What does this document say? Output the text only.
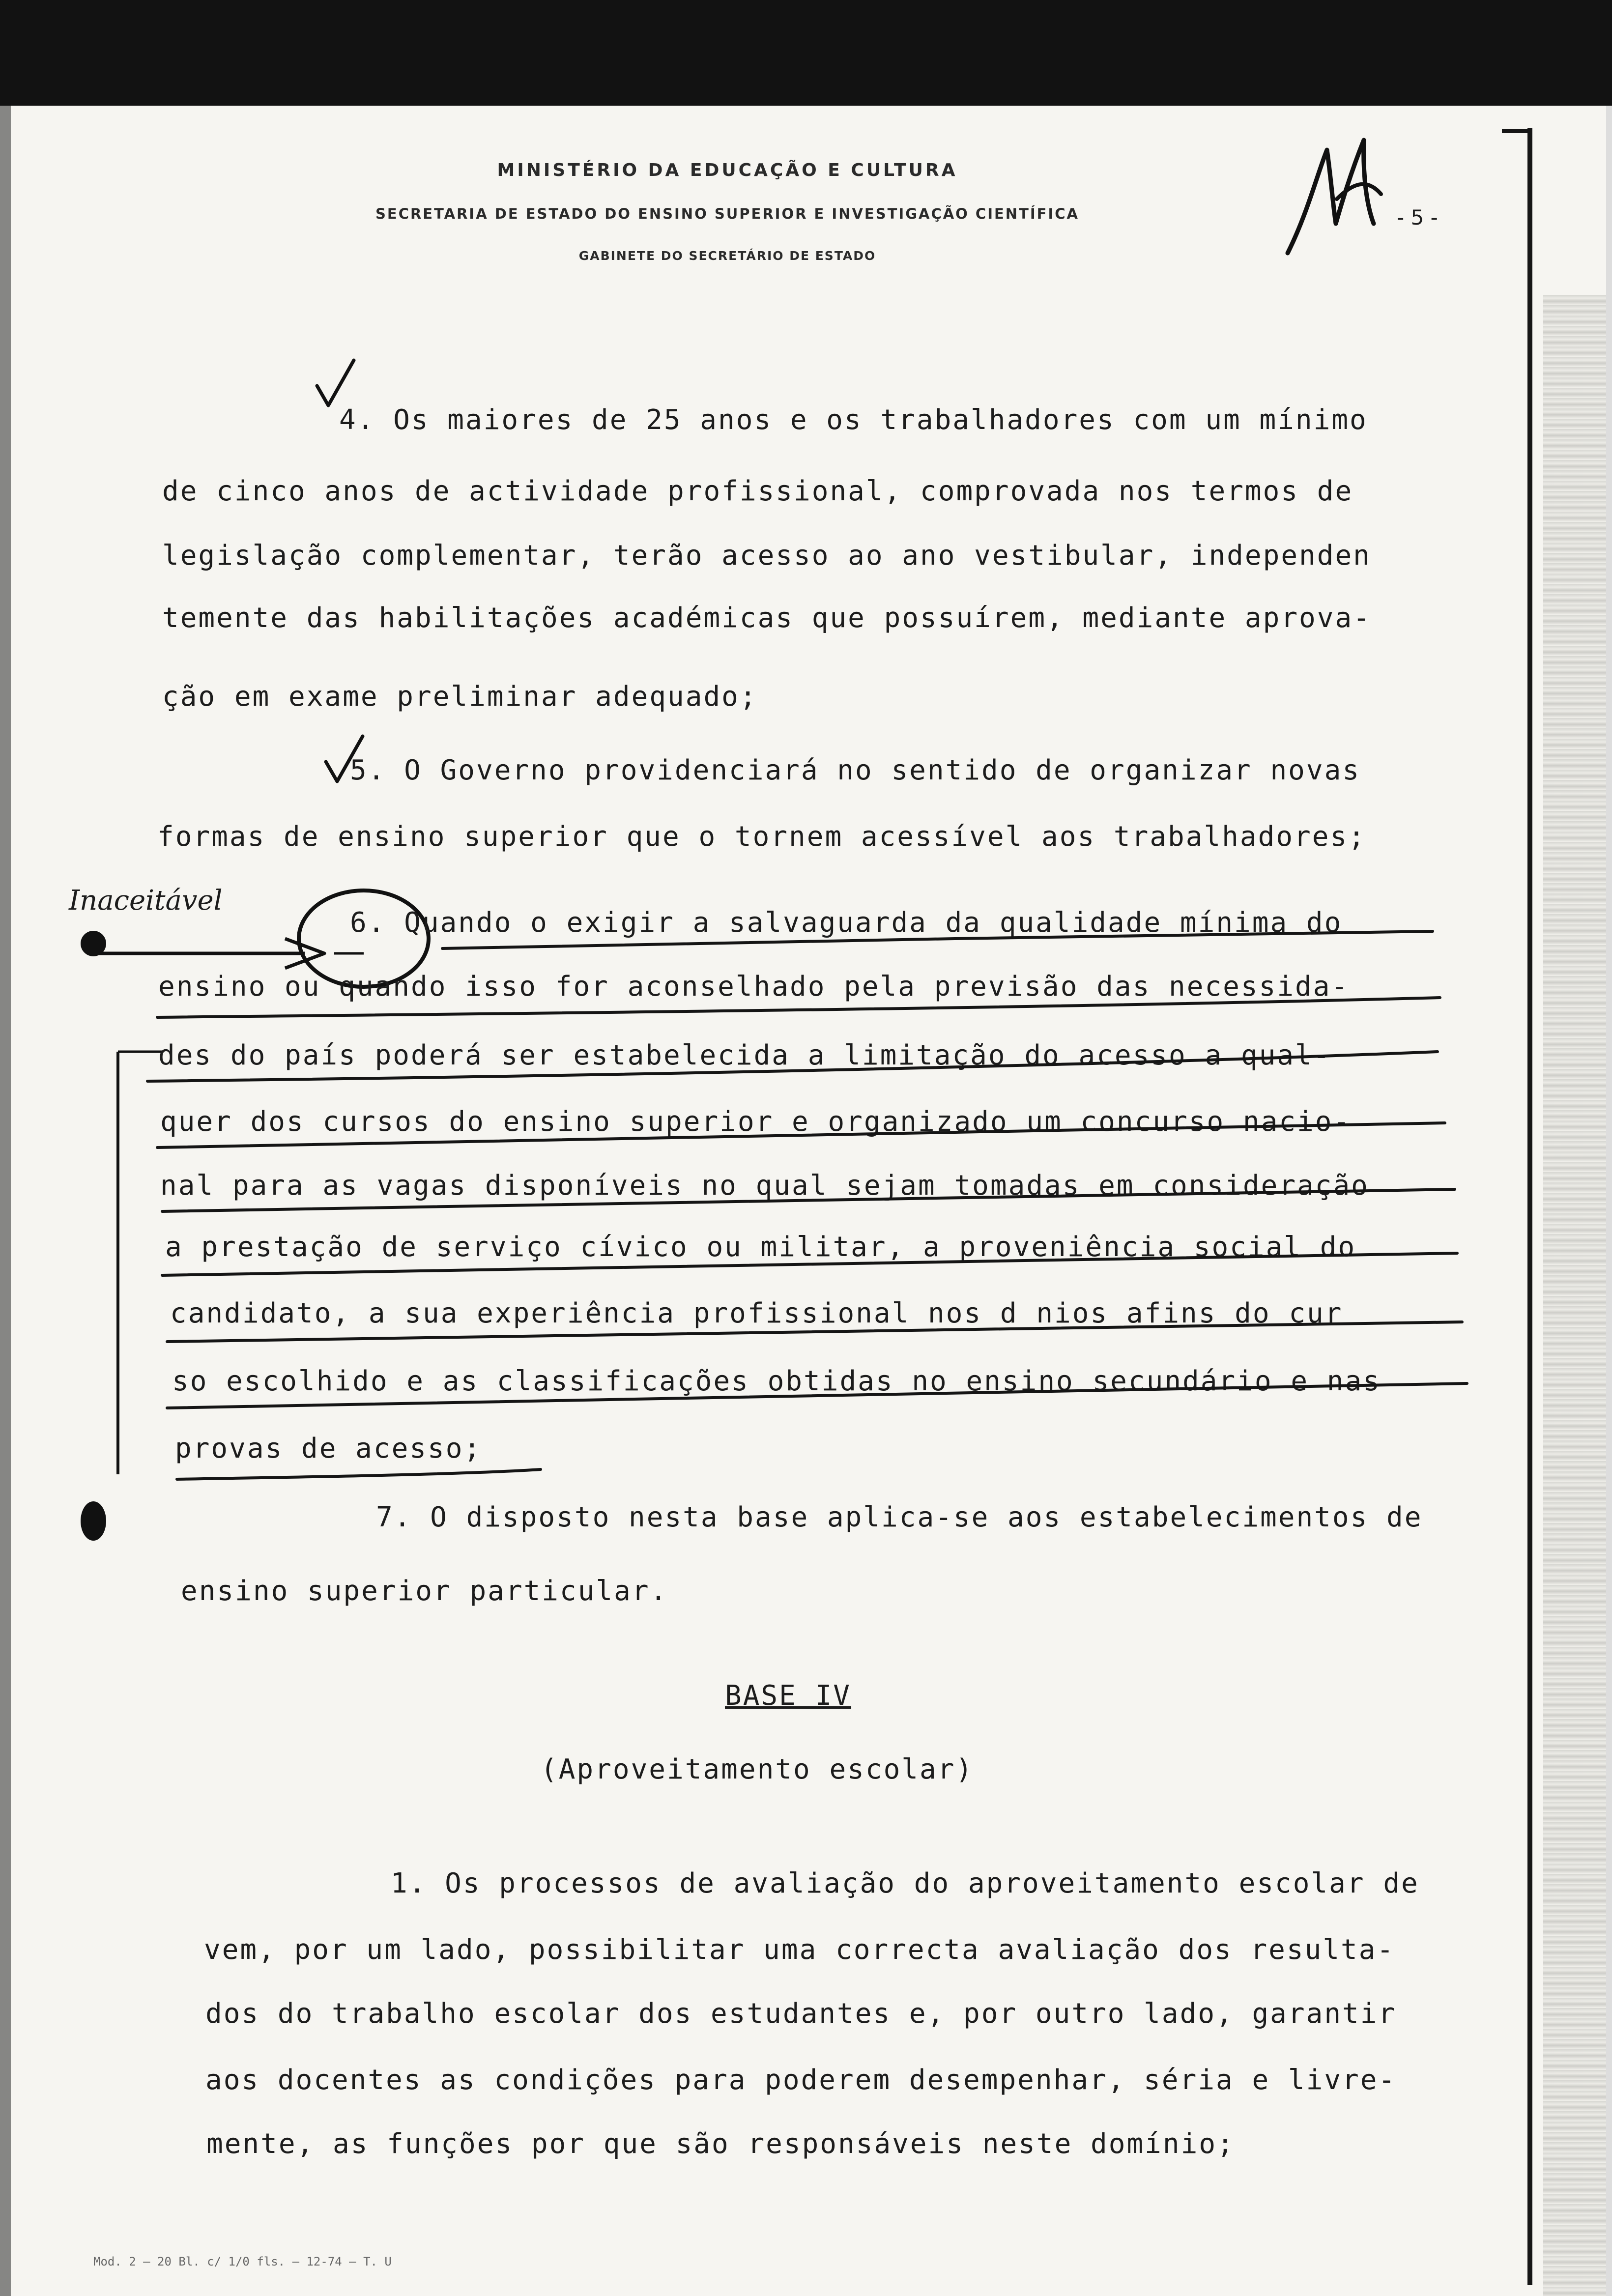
MINISTÉRIO DA EDUCAÇÃO E CULTURA
SECRETARIA DE ESTADO DO ENSINO SUPERIOR E INVESTIGAÇÃO CIENTÍFICA
GABINETE DO SECRETÁRIO DE ESTADO
- 5 -
Inaceitável
4. Os maiores de 25 anos e os trabalhadores com um mínimo
de cinco anos de actividade profissional, comprovada nos termos de
legislação complementar, terão acesso ao ano vestibular, independen
temente das habilitações académicas que possuírem, mediante aprova-
ção em exame preliminar adequado;
5. O Governo providenciará no sentido de organizar novas
formas de ensino superior que o tornem acessível aos trabalhadores;
6. Quando o exigir a salvaguarda da qualidade mínima do
ensino ou quando isso for aconselhado pela previsão das necessida-
des do país poderá ser estabelecida a limitação do acesso a qual-
quer dos cursos do ensino superior e organizado um concurso nacio-
nal para as vagas disponíveis no qual sejam tomadas em consideração
a prestação de serviço cívico ou militar, a proveniência social do
candidato, a sua experiência profissional nos d nios afins do cur
so escolhido e as classificações obtidas no ensino secundário e nas
provas de acesso;
7. O disposto nesta base aplica-se aos estabelecimentos de
ensino superior particular.
BASE IV
(Aproveitamento escolar)
1. Os processos de avaliação do aproveitamento escolar de
vem, por um lado, possibilitar uma correcta avaliação dos resulta-
dos do trabalho escolar dos estudantes e, por outro lado, garantir
aos docentes as condições para poderem desempenhar, séria e livre-
mente, as funções por que são responsáveis neste domínio;
Mod. 2 — 20 Bl. c/ 1/0 fls. — 12-74 — T. U
